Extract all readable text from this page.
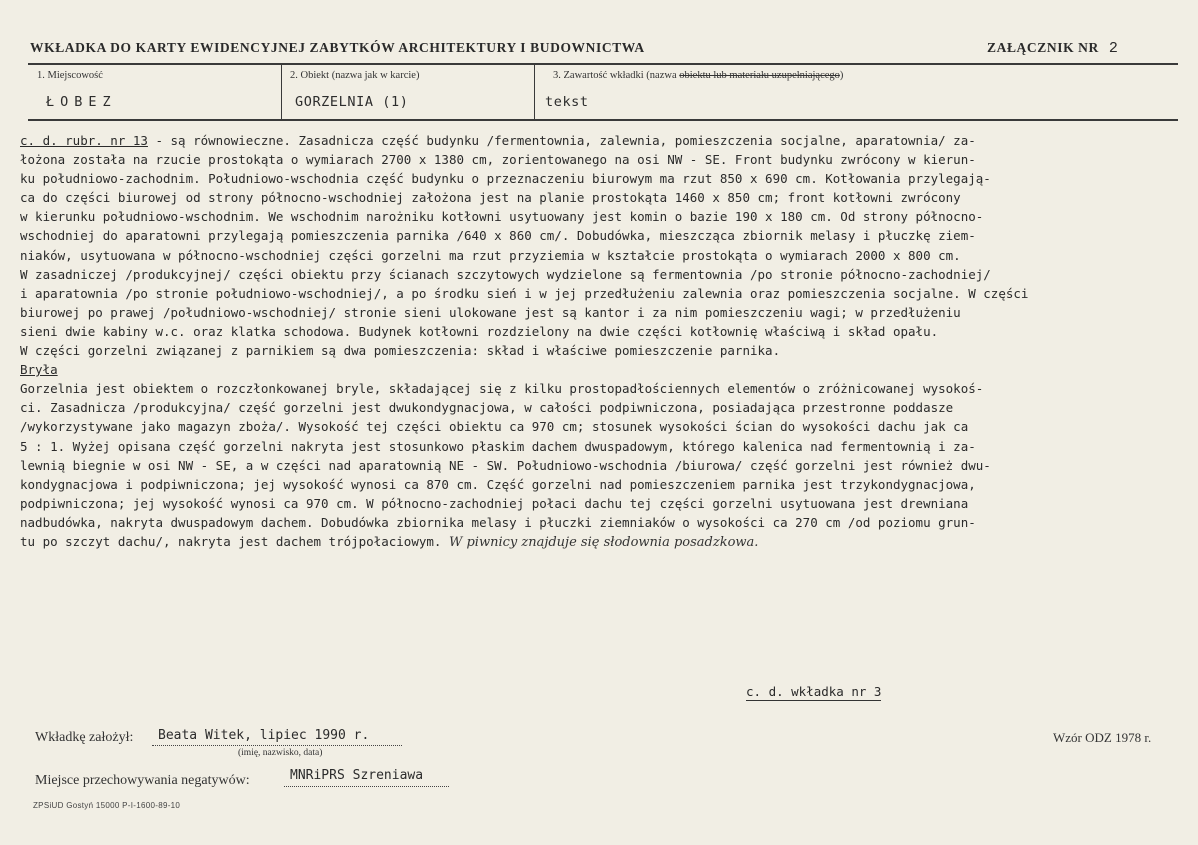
WKŁADKA DO KARTY EWIDENCYJNEJ ZABYTKÓW ARCHITEKTURY I BUDOWNICTWA	ZAŁĄCZNIK NR 2
1. Miejscowość
ŁOBEZ
2. Obiekt (nazwa jak w karcie)
GORZELNIA (1)
3. Zawartość wkładki (nazwa obiektu lub materiału uzupełniającego)
tekst
c. d. rubr. nr 13 - są równowieczne. Zasadnicza część budynku /fermentownia, zalewnia, pomieszczenia socjalne, aparatownia/ za-
łożona została na rzucie prostokąta o wymiarach 2700 x 1380 cm, zorientowanego na osi NW - SE. Front budynku zwrócony w kierun-
ku południowo-zachodnim. Południowo-wschodnia część budynku o przeznaczeniu biurowym ma rzut 850 x 690 cm. Kotłowania przylegają-
ca do części biurowej od strony północno-wschodniej założona jest na planie prostokąta 1460 x 850 cm; front kotłowni zwrócony
w kierunku południowo-wschodnim. We wschodnim narożniku kotłowni usytuowany jest komin o bazie 190 x 180 cm. Od strony północno-
wschodniej do aparatowni przylegają pomieszczenia parnika /640 x 860 cm/. Dobudówka, mieszcząca zbiornik melasy i płuczkę ziem-
niaków, usytuowana w północno-wschodniej części gorzelni ma rzut przyziemia w kształcie prostokąta o wymiarach 2000 x 800 cm.
W zasadniczej /produkcyjnej/ części obiektu przy ścianach szczytowych wydzielone są fermentownia /po stronie północno-zachodniej/
i aparatownia /po stronie południowo-wschodniej/, a po środku sień i w jej przedłużeniu zalewnia oraz pomieszczenia socjalne. W części
biurowej po prawej /południowo-wschodniej/ stronie sieni ulokowane jest są kantor i za nim pomieszczeniu wagi; w przedłużeniu
sieni dwie kabiny w.c. oraz klatka schodowa. Budynek kotłowni rozdzielony na dwie części kotłownię właściwą i skład opału.
W części gorzelni związanej z parnikiem są dwa pomieszczenia: skład i właściwe pomieszczenie parnika.
Bryła
Gorzelnia jest obiektem o rozczłonkowanej bryle, składającej się z kilku prostopadłościennych elementów o zróżnicowanej wysokoś-
ci. Zasadnicza /produkcyjna/ część gorzelni jest dwukondygnacjowa, w całości podpiwniczona, posiadająca przestronne poddasze
/wykorzystywane jako magazyn zboża/. Wysokość tej części obiektu ca 970 cm; stosunek wysokości ścian do wysokości dachu jak ca
5 : 1. Wyżej opisana część gorzelni nakryta jest stosunkowo płaskim dachem dwuspadowym, którego kalenica nad fermentownią i za-
lewnią biegnie w osi NW - SE, a w części nad aparatownią NE - SW. Południowo-wschodnia /biurowa/ część gorzelni jest również dwu-
kondygnacjowa i podpiwniczona; jej wysokość wynosi ca 870 cm. Część gorzelni nad pomieszczeniem parnika jest trzykondygnacjowa,
podpiwniczona; jej wysokość wynosi ca 970 cm. W północno-zachodniej połaci dachu tej części gorzelni usytuowana jest drewniana
nadbudówka, nakryta dwuspadowym dachem. Dobudówka zbiornika melasy i płuczki ziemniaków o wysokości ca 270 cm /od poziomu grun-
tu po szczyt dachu/, nakryta jest dachem trójpołaciowym. W piwnicy znajduje się słodownia posadzkowa.
c. d. wkładka nr 3
Wkładkę założył: Beata Witek, lipiec 1990 r.
(imię, nazwisko, data)
Wzór ODZ 1978 r.
Miejsce przechowywania negatywów:	MNRiPRS Szreniawa
ZPSiUD Gostyń 15000 P-I-1600-89-10
